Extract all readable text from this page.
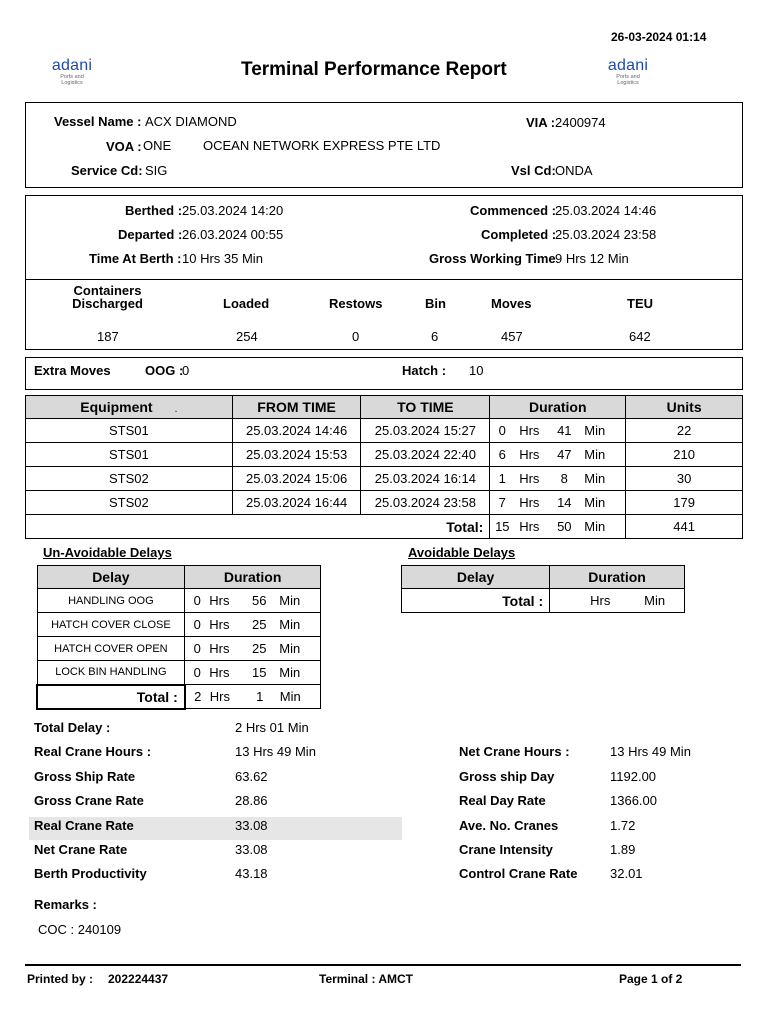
26-03-2024 01:14
adani
Ports and
Logistics
adani
Ports and
Logistics
Terminal Performance Report
Vessel Name : ACX DIAMOND	VIA : 2400974
VOA : ONE OCEAN NETWORK EXPRESS PTE LTD
Service Cd: SIG	Vsl Cd: ONDA
Berthed : 25.03.2024 14:20	Commenced : 25.03.2024 14:46
Departed : 26.03.2024 00:55	Completed :
25.03.2024 23:58
Time At Berth : 10 Hrs 35 Min	Gross Working Time 9 Hrs 12 Min
Containers
Discharged	Loaded	Restows	Bin	Moves	TEU
187	254	0	6	457	642
Extra Moves	OOG :
0	Hatch : 10
Equipment .	FROM TIME	TO TIME	Duration	Units
STS01	25.03.2024 14:46	25.03.2024 15:27	0 Hrs 41 Min	22
STS01	25.03.2024 15:53	25.03.2024 22:40	6 Hrs 47 Min	210
STS02	25.03.2024 15:06	25.03.2024 16:14	1 Hrs 8 Min	30
STS02	25.03.2024 16:44	25.03.2024 23:58	7 Hrs 14 Min	179
Total:			15 Hrs 50 Min	441
Un-Avoidable Delays
Delay	Duration
HANDLING OOG	0 Hrs 56 Min

HATCH COVER CLOSE	0 Hrs 25 Min

HATCH COVER OPEN	0 Hrs 25 Min

LOCK BIN HANDLING	0 Hrs 15 Min

Total :	2 Hrs 1 Min
Avoidable Delays
Delay	Duration
Total :	Hrs Min
Total Delay :	2 Hrs 01 Min
Real Crane Hours :	13 Hrs 49 Min
Gross Ship Rate	63.62
Gross Crane Rate	28.86
Real Crane Rate	33.08
Net Crane Rate	33.08
Berth Productivity	43.18
Net Crane Hours :	13 Hrs 49 Min
Gross ship Day	1192.00
Real Day Rate	1366.00
Ave. No. Cranes	1.72
Crane Intensity	1.89
Control Crane Rate	32.01
Remarks :
COC : 240109
Printed by : 202224437	Terminal : AMCT	Page 1 of 2
